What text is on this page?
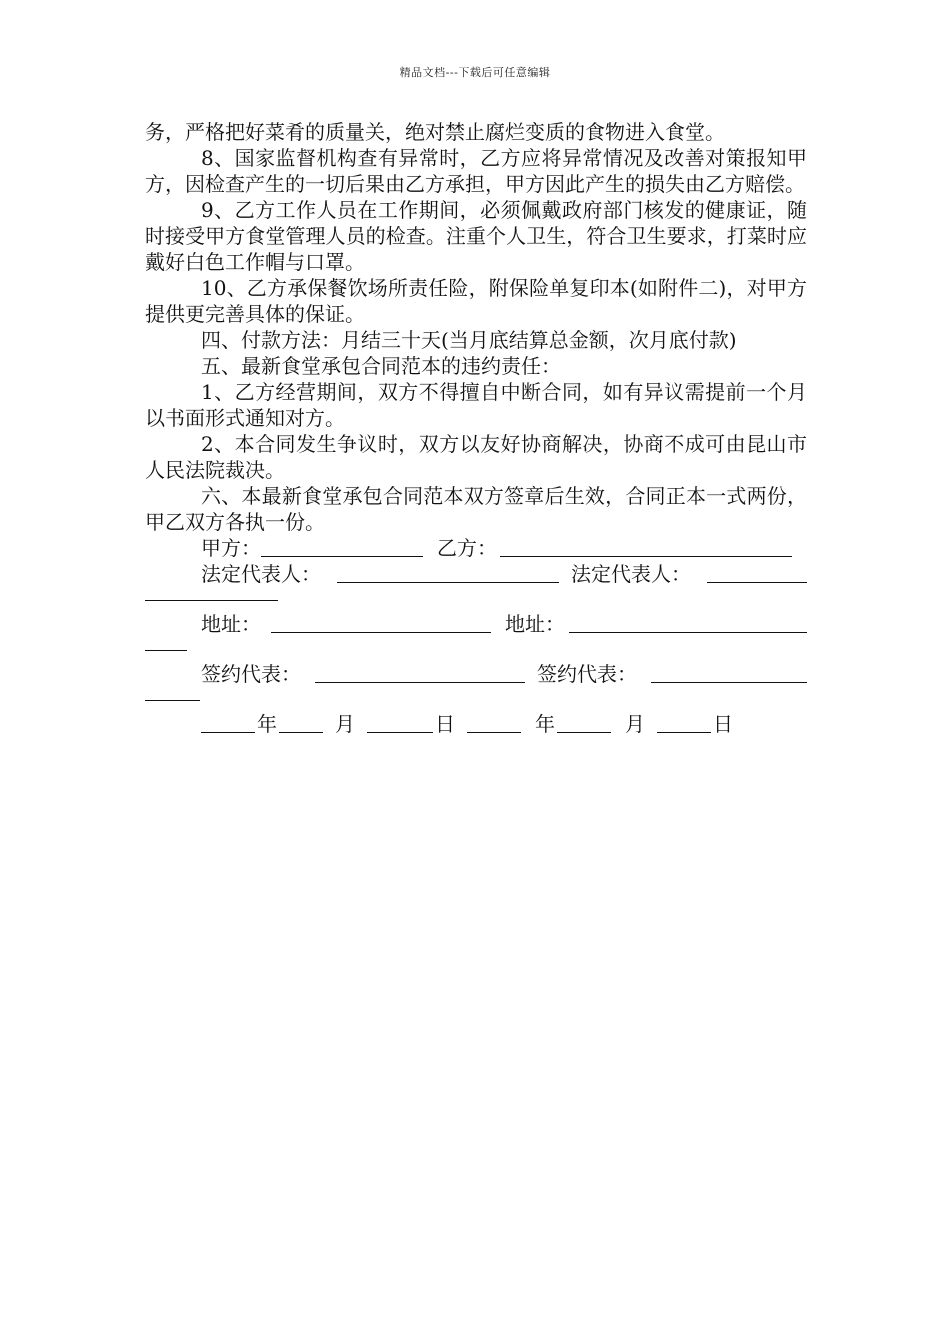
精品文档---下载后可任意编辑

务，严格把好菜肴的质量关，绝对禁止腐烂变质的食物进入食堂。

8、国家监督机构查有异常时，乙方应将异常情况及改善对策报知甲方，因检查产生的一切后果由乙方承担，甲方因此产生的损失由乙方赔偿。

9、乙方工作人员在工作期间，必须佩戴政府部门核发的健康证，随时接受甲方食堂管理人员的检查。注重个人卫生，符合卫生要求，打菜时应戴好白色工作帽与口罩。

10、乙方承保餐饮场所责任险，附保险单复印本(如附件二)，对甲方提供更完善具体的保证。

四、付款方法：月结三十天(当月底结算总金额，次月底付款)

五、最新食堂承包合同范本的违约责任：

1、乙方经营期间，双方不得擅自中断合同，如有异议需提前一个月以书面形式通知对方。

2、本合同发生争议时，双方以友好协商解决，协商不成可由昆山市人民法院裁决。

六、本最新食堂承包合同范本双方签章后生效，合同正本一式两份，甲乙双方各执一份。

甲方：	乙方：
法定代表人：	法定代表人：
地址：	地址：
签约代表：	签约代表：
年	月	日	年	月	日
